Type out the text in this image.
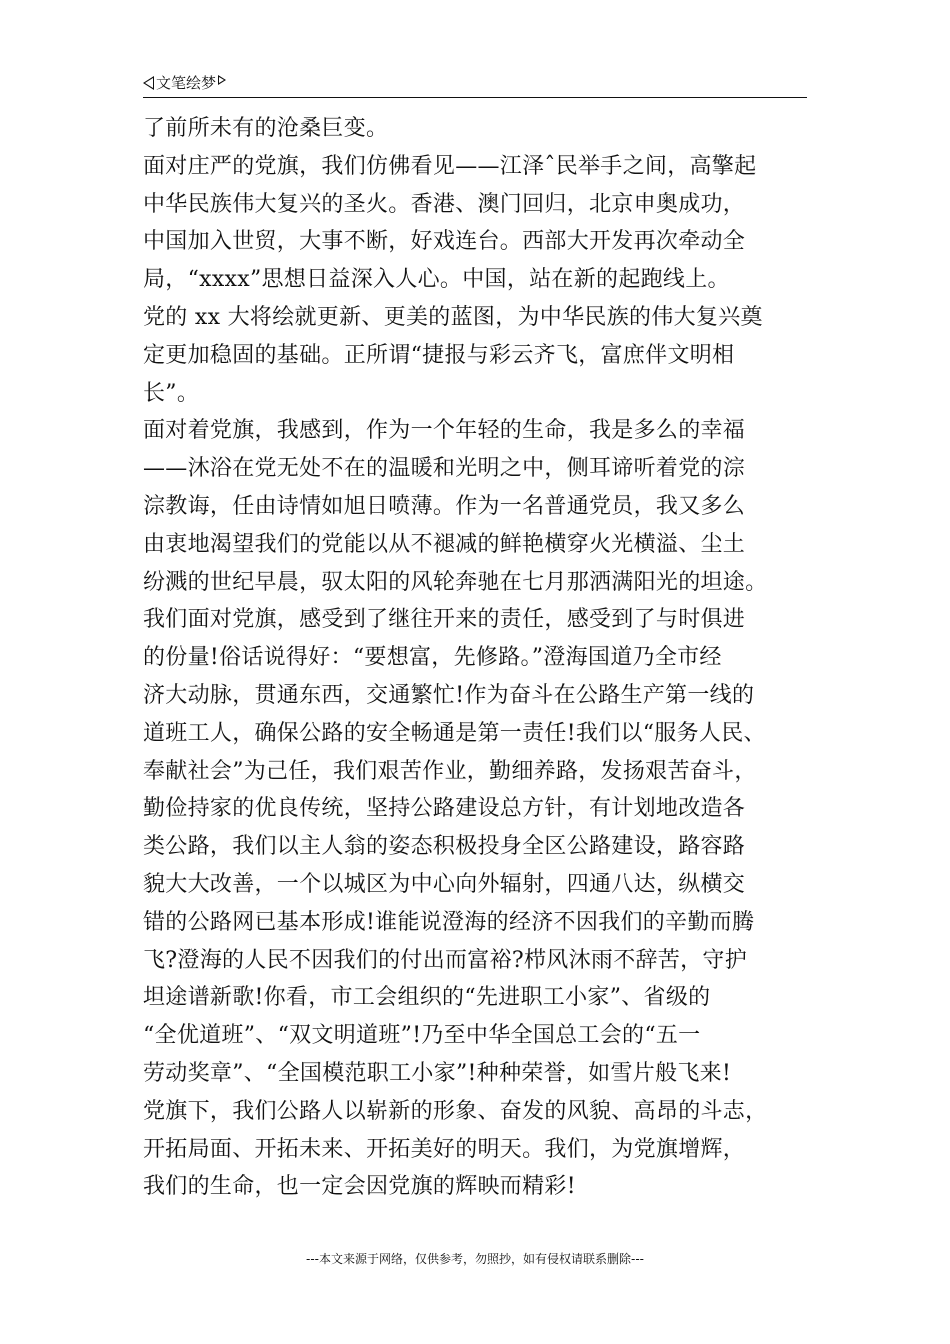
文笔绘梦
了前所未有的沧桑巨变。
面对庄严的党旗，我们仿佛看见——江泽ˆ民举手之间，高擎起
中华民族伟大复兴的圣火。香港、澳门回归，北京申奥成功，
中国加入世贸，大事不断，好戏连台。西部大开发再次牵动全
局，“xxxx”思想日益深入人心。中国，站在新的起跑线上。
党的 xx 大将绘就更新、更美的蓝图，为中华民族的伟大复兴奠
定更加稳固的基础。正所谓“捷报与彩云齐飞，富庶伴文明相
长”。
面对着党旗，我感到，作为一个年轻的生命，我是多么的幸福
——沐浴在党无处不在的温暖和光明之中，侧耳谛听着党的淙
淙教诲，任由诗情如旭日喷薄。作为一名普通党员，我又多么
由衷地渴望我们的党能以从不褪减的鲜艳横穿火光横溢、尘土
纷溅的世纪早晨，驭太阳的风轮奔驰在七月那洒满阳光的坦途。
我们面对党旗，感受到了继往开来的责任，感受到了与时俱进
的份量!俗话说得好：“要想富，先修路。”澄海国道乃全市经
济大动脉，贯通东西，交通繁忙!作为奋斗在公路生产第一线的
道班工人，确保公路的安全畅通是第一责任!我们以“服务人民、
奉献社会”为己任，我们艰苦作业，勤细养路，发扬艰苦奋斗，
勤俭持家的优良传统，坚持公路建设总方针，有计划地改造各
类公路，我们以主人翁的姿态积极投身全区公路建设，路容路
貌大大改善，一个以城区为中心向外辐射，四通八达，纵横交
错的公路网已基本形成!谁能说澄海的经济不因我们的辛勤而腾
飞?澄海的人民不因我们的付出而富裕?栉风沐雨不辞苦，守护
坦途谱新歌!你看，市工会组织的“先进职工小家”、省级的
“全优道班”、“双文明道班”!乃至中华全国总工会的“五一
劳动奖章”、“全国模范职工小家”!种种荣誉，如雪片般飞来!
党旗下，我们公路人以崭新的形象、奋发的风貌、高昂的斗志，
开拓局面、开拓未来、开拓美好的明天。我们，为党旗增辉，
我们的生命，也一定会因党旗的辉映而精彩!
---本文来源于网络，仅供参考，勿照抄，如有侵权请联系删除---
